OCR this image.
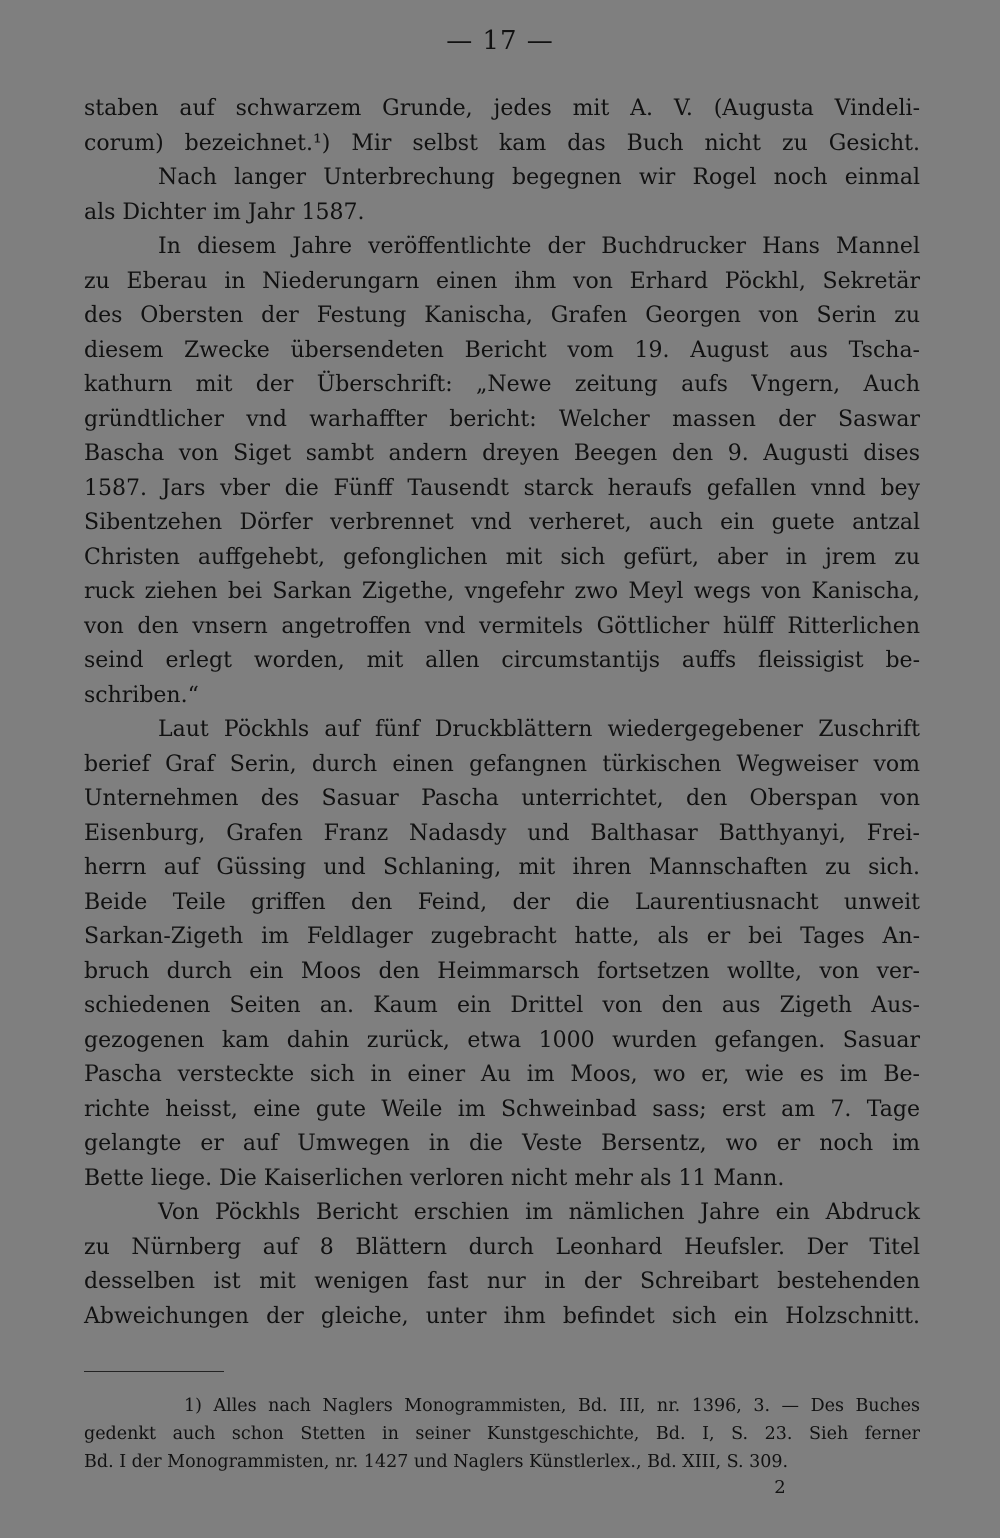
— 17 —
staben auf schwarzem Grunde, jedes mit A. V. (Augusta Vindeli-
corum) bezeichnet.¹) Mir selbst kam das Buch nicht zu Gesicht.
Nach langer Unterbrechung begegnen wir Rogel noch einmal
als Dichter im Jahr 1587.
In diesem Jahre veröffentlichte der Buchdrucker Hans Mannel
zu Eberau in Niederungarn einen ihm von Erhard Pöckhl, Sekretär
des Obersten der Festung Kanischa, Grafen Georgen von Serin zu
diesem Zwecke übersendeten Bericht vom 19. August aus Tscha-
kathurn mit der Überschrift: „Newe zeitung aufs Vngern, Auch
gründtlicher vnd warhaffter bericht: Welcher massen der Saswar
Bascha von Siget sambt andern dreyen Beegen den 9. Augusti dises
1587. Jars vber die Fünff Tausendt starck heraufs gefallen vnnd bey
Sibentzehen Dörfer verbrennet vnd verheret, auch ein guete antzal
Christen auffgehebt, gefonglichen mit sich gefürt, aber in jrem zu
ruck ziehen bei Sarkan Zigethe, vngefehr zwo Meyl wegs von Kanischa,
von den vnsern angetroffen vnd vermitels Göttlicher hülff Ritterlichen
seind erlegt worden, mit allen circumstantijs auffs fleissigist be-
schriben.“
Laut Pöckhls auf fünf Druckblättern wiedergegebener Zuschrift
berief Graf Serin, durch einen gefangnen türkischen Wegweiser vom
Unternehmen des Sasuar Pascha unterrichtet, den Oberspan von
Eisenburg, Grafen Franz Nadasdy und Balthasar Batthyanyi, Frei-
herrn auf Güssing und Schlaning, mit ihren Mannschaften zu sich.
Beide Teile griffen den Feind, der die Laurentiusnacht unweit
Sarkan-Zigeth im Feldlager zugebracht hatte, als er bei Tages An-
bruch durch ein Moos den Heimmarsch fortsetzen wollte, von ver-
schiedenen Seiten an. Kaum ein Drittel von den aus Zigeth Aus-
gezogenen kam dahin zurück, etwa 1000 wurden gefangen. Sasuar
Pascha versteckte sich in einer Au im Moos, wo er, wie es im Be-
richte heisst, eine gute Weile im Schweinbad sass; erst am 7. Tage
gelangte er auf Umwegen in die Veste Bersentz, wo er noch im
Bette liege. Die Kaiserlichen verloren nicht mehr als 11 Mann.
Von Pöckhls Bericht erschien im nämlichen Jahre ein Abdruck
zu Nürnberg auf 8 Blättern durch Leonhard Heufsler. Der Titel
desselben ist mit wenigen fast nur in der Schreibart bestehenden
Abweichungen der gleiche, unter ihm befindet sich ein Holzschnitt.
1) Alles nach Naglers Monogrammisten, Bd. III, nr. 1396, 3. — Des Buches
gedenkt auch schon Stetten in seiner Kunstgeschichte, Bd. I, S. 23. Sieh ferner
Bd. I der Monogrammisten, nr. 1427 und Naglers Künstlerlex., Bd. XIII, S. 309.
2
